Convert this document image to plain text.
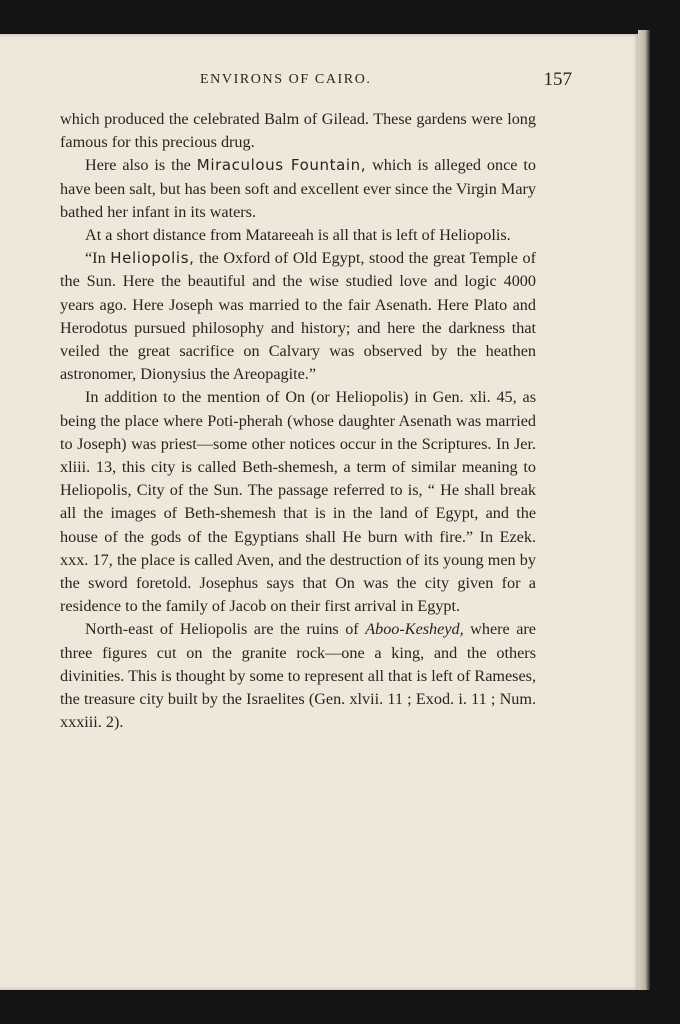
ENVIRONS OF CAIRO.	157

which produced the celebrated Balm of Gilead. These gardens were long famous for this precious drug.

Here also is the Miraculous Fountain, which is alleged once to have been salt, but has been soft and excellent ever since the Virgin Mary bathed her infant in its waters.

At a short distance from Matareeah is all that is left of Heliopolis.

“In Heliopolis, the Oxford of Old Egypt, stood the great Temple of the Sun. Here the beautiful and the wise studied love and logic 4000 years ago. Here Joseph was married to the fair Asenath. Here Plato and Herodotus pursued philosophy and history; and here the darkness that veiled the great sacrifice on Calvary was observed by the heathen astronomer, Dionysius the Areopagite.”

In addition to the mention of On (or Heliopolis) in Gen. xli. 45, as being the place where Poti-pherah (whose daughter Asenath was married to Joseph) was priest—some other notices occur in the Scriptures. In Jer. xliii. 13, this city is called Beth-shemesh, a term of similar meaning to Heliopolis, City of the Sun. The passage referred to is, “ He shall break all the images of Beth-shemesh that is in the land of Egypt, and the house of the gods of the Egyptians shall He burn with fire.” In Ezek. xxx. 17, the place is called Aven, and the destruction of its young men by the sword foretold. Josephus says that On was the city given for a residence to the family of Jacob on their first arrival in Egypt.

North-east of Heliopolis are the ruins of Aboo-Kesheyd, where are three figures cut on the granite rock—one a king, and the others divinities. This is thought by some to represent all that is left of Rameses, the treasure city built by the Israelites (Gen. xlvii. 11 ; Exod. i. 11 ; Num. xxxiii. 2).
